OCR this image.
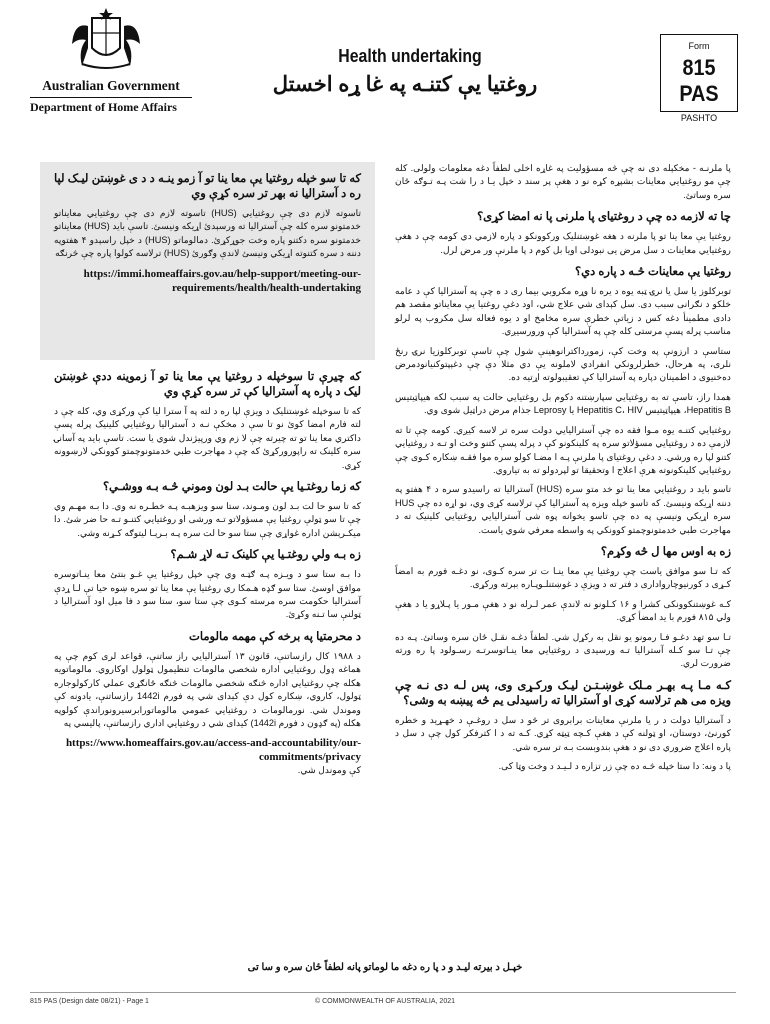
Australian Government
Department of Home Affairs
Health undertaking
روغتیا یې کتنـه په غا ړه اخستل
Form
815 PAS
PASHTO
که تا سو خپله روغتیا یې معا ینا تو آ زمو ینـه د د ی غوښتن لیـک لپا ره د آسترالیا نه بهر تر سره کړې وي

تاسوته لازم دی چې روغتیایي (HUS) تاسوته لازم دی چې روغتیایي معایناتو خدمتونو سره کله چې آسترالیا ته ورسېدئ اړیکه ونیسئ. تاسې باید (HUS) معایناتو خدمتونو سره دکتنو پاره وخت جوړکړئ. دمالوماتو (HUS) د خپل راسېدو ۴ هفتوپه دننه د سره کتنوته اړیکي ونیسئ لاندې وګورئ (HUS) ترلاسه کولوا پاره چې څرنګه

https://immi.homeaffairs.gov.au/help-support/meeting-our-requirements/health/health-undertaking
که چیرې تا سوخپله د روغتیا یې معا ینا تو آ زموینه ددې غوښتن لیک د پاره په آسترالیا کې تر سره کړې وي

که تا سوخپله غوښتنلیک د ویزې لپا ره د لته په آ سترا لیا کې ورکړی وي، کله چې د لته فارم امضا کوئ نو تا سې د مخکې نـه د آسترالیا روغتیایي کلینیک پرله پسې داکتري معا ینا تو ته چیرته چې لا زم وي ورپیژندل شوي یا ست. تاسې باید په آسانۍ سره کلینک ته راپورورکړئ که چې د مهاجرت طبي خدمتونوچمتو کوونکي لارښوونه کړي.

که زما روغتـیا یې حالت بـد لون وموني څـه بـه ووشـي؟

که تا سو حا لت بـد لون ومـوند، ستا سو ویزهبـه پـه خطـره نه وي. دا بـه مهـم وي چې تا سو ټولې روغتیا یې مسؤولاتو تـه ورشی او روغتیایي کتنـو تـه حا ضر شئ. دا میکـرېشن اداره غواړي چې ستا سو حا لت سره پـه بـرېـا لیتوګه کـړنه وشي.

زه بـه ولي روغتـیا یې کلینک تـه لاړ شـم؟

دا بـه ستا سو د ویـزه پـه ګټـه وي چې خپل روغتیا یې غـو بنتئ معا ینـاتوسره موافق اوسئ. ستا سو ګډه هـمکا ري روغتیا یې معا ینا تو سره ښوه حیا تې لـا ړدې آسترالیا حکومت سره مرسته کـوی چې ستا سو، ستا سو د فا میل اود آسترالیا د ټولنې سا تـنه وکړئ.

د محرمتیا په برخه کې مهمه مالومات

د ۱۹۸۸ کال رازساتنې، قانون ۱۳ آسترالیایي راز ساتنې، قواعد لری کوم چې په هماغه ډول روغتیایي اداره شخصي مالومات تنظیمول ټولول اوکاروي. مالوماتویه هکله چې روغتیایي اداره څنګه شخصي مالومات څنګه ځانګړي عملي کارکولوجاره ټولول، کاروي، ښکاره کول دې کیدای شي په فورم 1442i رازساتنې، یادونه کې وموندل شي. نورمالومات د روغتیایي عمومي مالوماتورابرسیرونوراندې کولوپه هکله (په ګډون د فورم 1442i) کیدای شي د روغتیایي اداري رازساتنې، پالیسي په

https://www.homeaffairs.gov.au/access-and-accountability/our-commitments/privacy

کې وموندل شي.

پا ملرنـه - مخکېله دی نه چې څه مسؤولیت په غاړه اخلی لطفاً دغه معلومات ولولی. کله چې مو روغتیایي معاینات بشپړه کړه نو د هغې پر سند د خپل یـا د را شت پـه تـوګه ځان سره وساتئ.

چا ته لازمه ده چې د روغتیای پا ملرنی پا نه امضا کړی؟

روغتیا یې معا ینا تو پا ملرنه د هغه غوښتنلیک ورکوونکو د پاره لازمي دي کومه چې د هغې روغتیایي معاینات د سل مرض یی نبودلی اویا بل کوم د پا ملرنې ور مرض لرل.

روغتیا یې معاینات څـه د پاره دي؟

توبرکلوز یا سل یا نرۍ ټبه یوه د یره نا وړه مکروبي بیما ری د ه چې په آسترالیا کې د عامه خلکو د نګرانی سبب دی. سل کېدای شي علاج شي، اود دغې روغتیا یې معایناتو مقصد هم دادی مطمینأ دغه کس د زیاتې خطرې سره مخامخ او د یوه فعاله سل مکروب په لرلو مناسب پرله پسې مرستی کله چې په آسترالیا کې ورورسیږي.

ستاسې د ارزونې په وخت کې، زموږداکترانوهینې شول چې تاسې توبرکلوزیا نرۍ رنځ نلری، په هرحال، خطرلرونکي انفرادي لاملونه یې دي مثلا دې چې دغېپتوکنیانودمرض ده‌خنیوی د اطمینان دپاره په آسترالیا کې تعقیبولوته اړتیه ده.

همدا راز، تاسې ته به روغتیایي سپارښتنه دکوم بل روغتیایي حالت په سبب لکه هیپاټیتیس Hepatitis B، هیپاټیتیس Hepatitis C، HIV یا Leprosy جذام مرض دراټیل شوی وي.

روغتیایي کتنـه یوه مـوا فقه ده چې آسترالیایي دولت سره تر لاسه کیږي. کومه چې تا ته لازمې ده د روغتیایي مسؤلاتو سره په کلینکونو کې د پرله پسې کتنو وخت او تـه د روغتیایي کتنو لپا ره ورشي. د دغې روغتیای پا ملرنې پـه ا مضـا کولو سره موا فقـه ښکاره کـوی چې روغتیایي کلینکونو‌ته هرې اعلاج ا وتحقیقا تو لپردولو ته به تیاروي.

تاسو باید د روغتیایي معا ینا تو خد متو سره (HUS) آسترالیا ته راسیدو سره د ۴ هفتو په دننه اړیکه ونیسئ. که تاسو خپله ویزه په آسترالیا کې ترلاسه کړی وي، نو اړه ده چې HUS سره اړیکي ونیسې په ده چې تاسو یخوانه پوه شی آسترالیایي روغتیایي کلینیک ته د مهاجرت طبي خدمتونوچمتو کوونکي په واسطه معرفي شوي یاست.

زه به اوس مها ل څه وکړم؟

که تـا سو موافق یاست چې روغتیا یې معا ینـا ت تر سره کـوی، نو دغـه فورم به امضاً کـړی د کورنیوچارواداری د فتر ته د ویزې د غوښتنلـوپـاره بېرته ورکړی.

کـه غوښتنکوونکی کشرا و ۱۶ کـلونو نه لاندې عمر لـرله نو د هغې مـور یا پـلاړو یا د هغې ولي ۸۱۵ فورم با ید امضأ کړي.

تـا سو تهد دغـو فـا رمونو یو نقل به رکړل شي. لطفاً دغـه نقـل ځان سره وساتئ. پـه ده چې تـا سو کـله آسترالیا تـه ورسیدی د روغتیایي معا ینـاتوسرتـه رسـولود پا ره ورته ضرورت لري.

کـه مـا پـه بهـر مـلک غوښـتـن لیـک ورکـړی وی، پس لـه دی نـه چې ویزه می هم ترلاسه کړی او آسترالیا ته راسیدلی یم څه پیښه به وشی؟

د آسترالیا دولت د ر یا ملرنې معاینات برابروی تر څو د سل د روغـې د خهـړید و خطره کورنئ، دوستان، او ټولنه کې د هغې کـچه ټیټه کړي. کـه ته د ا کترفکر کول چې د سل د پاره اعلاج ضروري دی نو د هغې بندوبست بـه تر سره شي.

پا د ونه: دا ستا خپله څـه ده چې زر تزاره د لـیـد د وخت وټا کی.

خپـل د بیرته لیـد و د پا ره دغه ما لوماتو پانه لطفاً ځان سره و سا تی
815 PAS (Design date 08/21) - Page 1	© COMMONWEALTH OF AUSTRALIA, 2021
